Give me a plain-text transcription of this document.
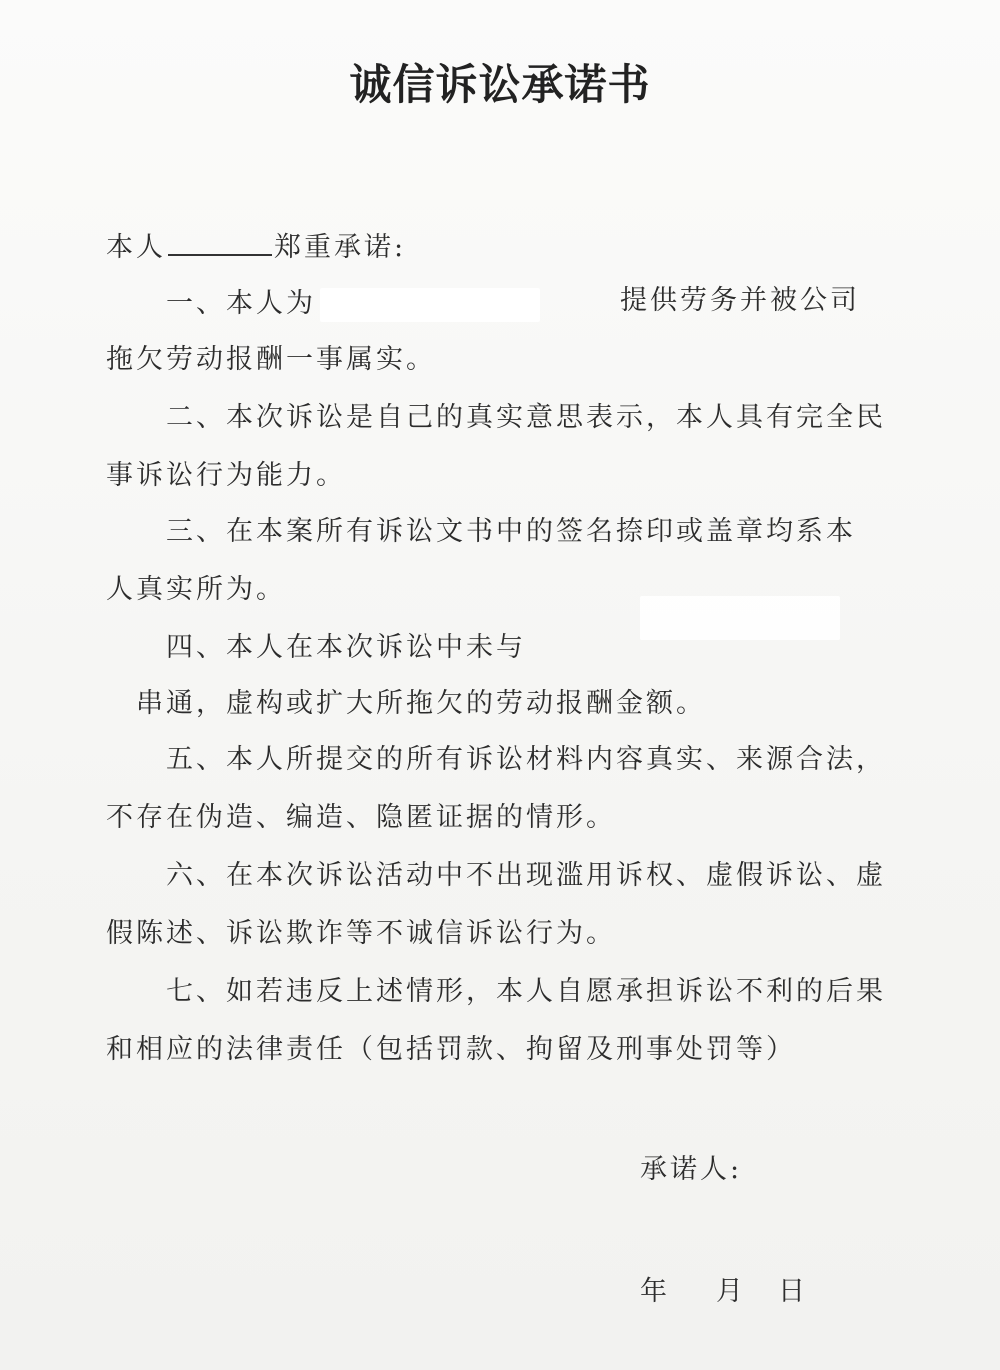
诚信诉讼承诺书
本人	郑重承诺:
一、本人为	提供劳务并被公司
拖欠劳动报酬一事属实。
二、本次诉讼是自己的真实意思表示，本人具有完全民
事诉讼行为能力。
三、在本案所有诉讼文书中的签名捺印或盖章均系本
人真实所为。
四、本人在本次诉讼中未与
串通，虚构或扩大所拖欠的劳动报酬金额。
五、本人所提交的所有诉讼材料内容真实、来源合法，
不存在伪造、编造、隐匿证据的情形。
六、在本次诉讼活动中不出现滥用诉权、虚假诉讼、虚
假陈述、诉讼欺诈等不诚信诉讼行为。
七、如若违反上述情形，本人自愿承担诉讼不利的后果
和相应的法律责任（包括罚款、拘留及刑事处罚等）
承诺人:
年 月 日
